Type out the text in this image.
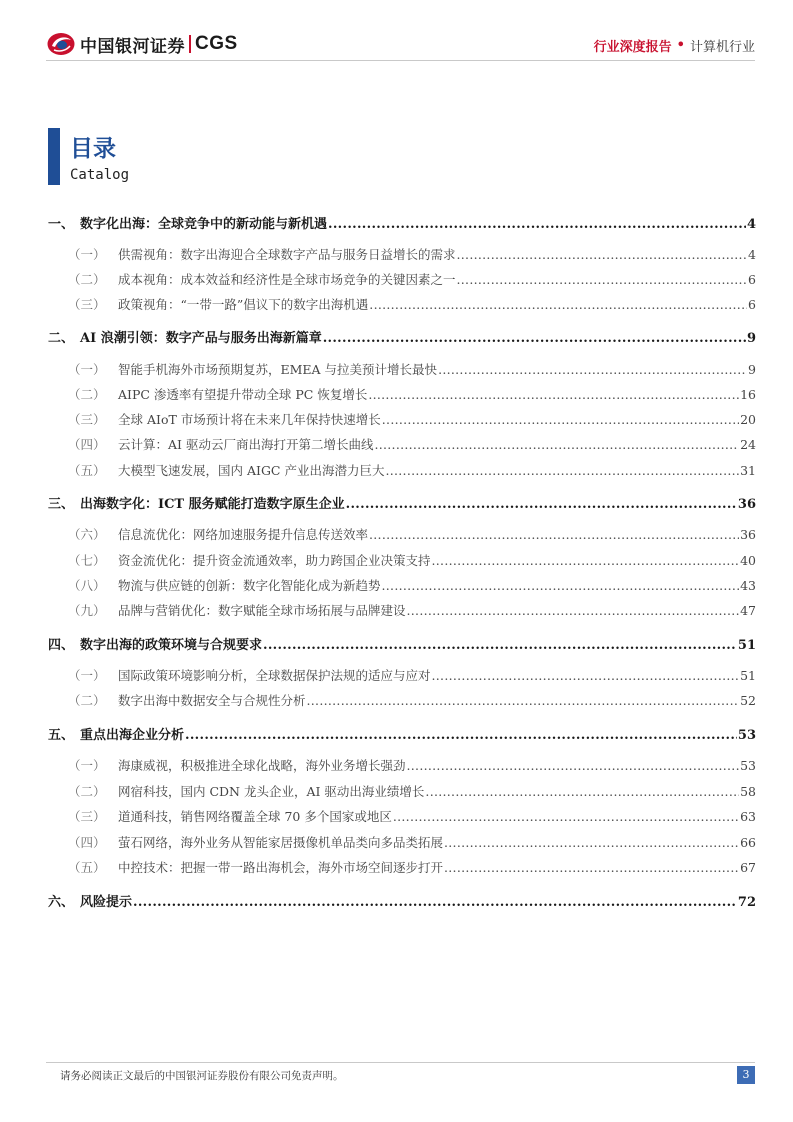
中国银河证券 CGS	行业深度报告 • 计算机行业
目录
Catalog
一、 数字化出海：全球竞争中的新动能与新机遇 .....	4
（一） 供需视角：数字出海迎合全球数字产品与服务日益增长的需求 .....	4
（二） 成本视角：成本效益和经济性是全球市场竞争的关键因素之一 .....	6
（三） 政策视角：“一带一路”倡议下的数字出海机遇 .....	6
二、 AI 浪潮引领：数字产品与服务出海新篇章 .....	9
（一） 智能手机海外市场预期复苏，EMEA 与拉美预计增长最快 .....	9
（二） AIPC 渗透率有望提升带动全球 PC 恢复增长 .....	16
（三） 全球 AIoT 市场预计将在未来几年保持快速增长 .....	20
（四） 云计算：AI 驱动云厂商出海打开第二增长曲线 .....	24
（五） 大模型飞速发展，国内 AIGC 产业出海潜力巨大 .....	31
三、 出海数字化：ICT 服务赋能打造数字原生企业 .....	36
（六） 信息流优化：网络加速服务提升信息传送效率 .....	36
（七） 资金流优化：提升资金流通效率，助力跨国企业决策支持 .....	40
（八） 物流与供应链的创新：数字化智能化成为新趋势 .....	43
（九） 品牌与营销优化：数字赋能全球市场拓展与品牌建设 .....	47
四、 数字出海的政策环境与合规要求 .....	51
（一） 国际政策环境影响分析，全球数据保护法规的适应与应对 .....	51
（二） 数字出海中数据安全与合规性分析 .....	52
五、 重点出海企业分析 .....	53
（一） 海康威视，积极推进全球化战略，海外业务增长强劲 .....	53
（二） 网宿科技，国内 CDN 龙头企业，AI 驱动出海业绩增长 .....	58
（三） 道通科技，销售网络覆盖全球 70 多个国家或地区 .....	63
（四） 萤石网络，海外业务从智能家居摄像机单品类向多品类拓展 .....	66
（五） 中控技术：把握一带一路出海机会，海外市场空间逐步打开 .....	67
六、 风险提示 .....	72
请务必阅读正文最后的中国银河证券股份有限公司免责声明。	3
